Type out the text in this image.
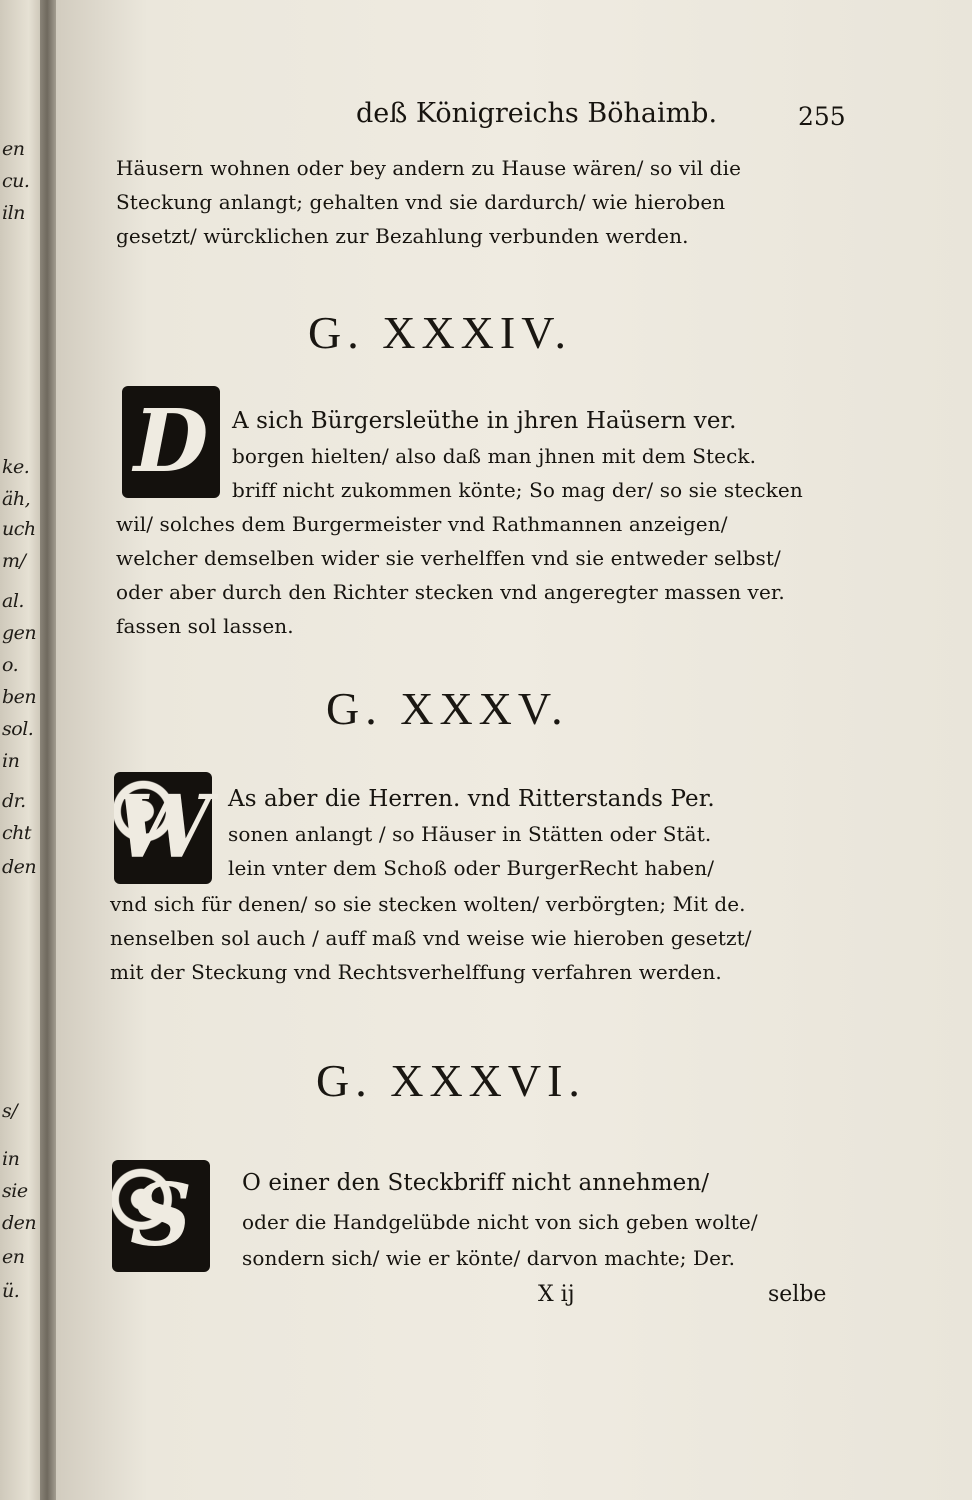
en
cu.
iln
ke.
äh,
uch
m/
al.
gen
o.
ben
sol.
in
dr.
cht
den
s/
in
sie
den
en
ü.
deß Königreichs Böhaimb.	255
Häusern wohnen oder bey andern zu Hause wären/ so vil die
Steckung anlangt; gehalten vnd sie dardurch/ wie hieroben
gesetzt/ würcklichen zur Bezahlung verbunden werden.
G. XXXIV.
D	A sich Bürgersleüthe in jhren Haüsern ver.
borgen hielten/ also daß man jhnen mit dem Steck.
briff nicht zukommen könte; So mag der/ so sie stecken
wil/ solches dem Burgermeister vnd Rathmannen anzeigen/
welcher demselben wider sie verhelffen vnd sie entweder selbst/
oder aber durch den Richter stecken vnd angeregter massen ver.
fassen sol lassen.
G. XXXV.
W As aber die Herren. vnd Ritterstands Per.
sonen anlangt / so Häuser in Stätten oder Stät.
lein vnter dem Schoß oder BurgerRecht haben/
vnd sich für denen/ so sie stecken wolten/ verbörgten; Mit de.
nenselben sol auch / auff maß vnd weise wie hieroben gesetzt/
mit der Steckung vnd Rechtsverhelffung verfahren werden.
G. XXXVI.
S	O einer den Steckbriff nicht annehmen/
oder die Handgelübde nicht von sich geben wolte/
sondern sich/ wie er könte/ darvon machte; Der.
X ij	selbe
